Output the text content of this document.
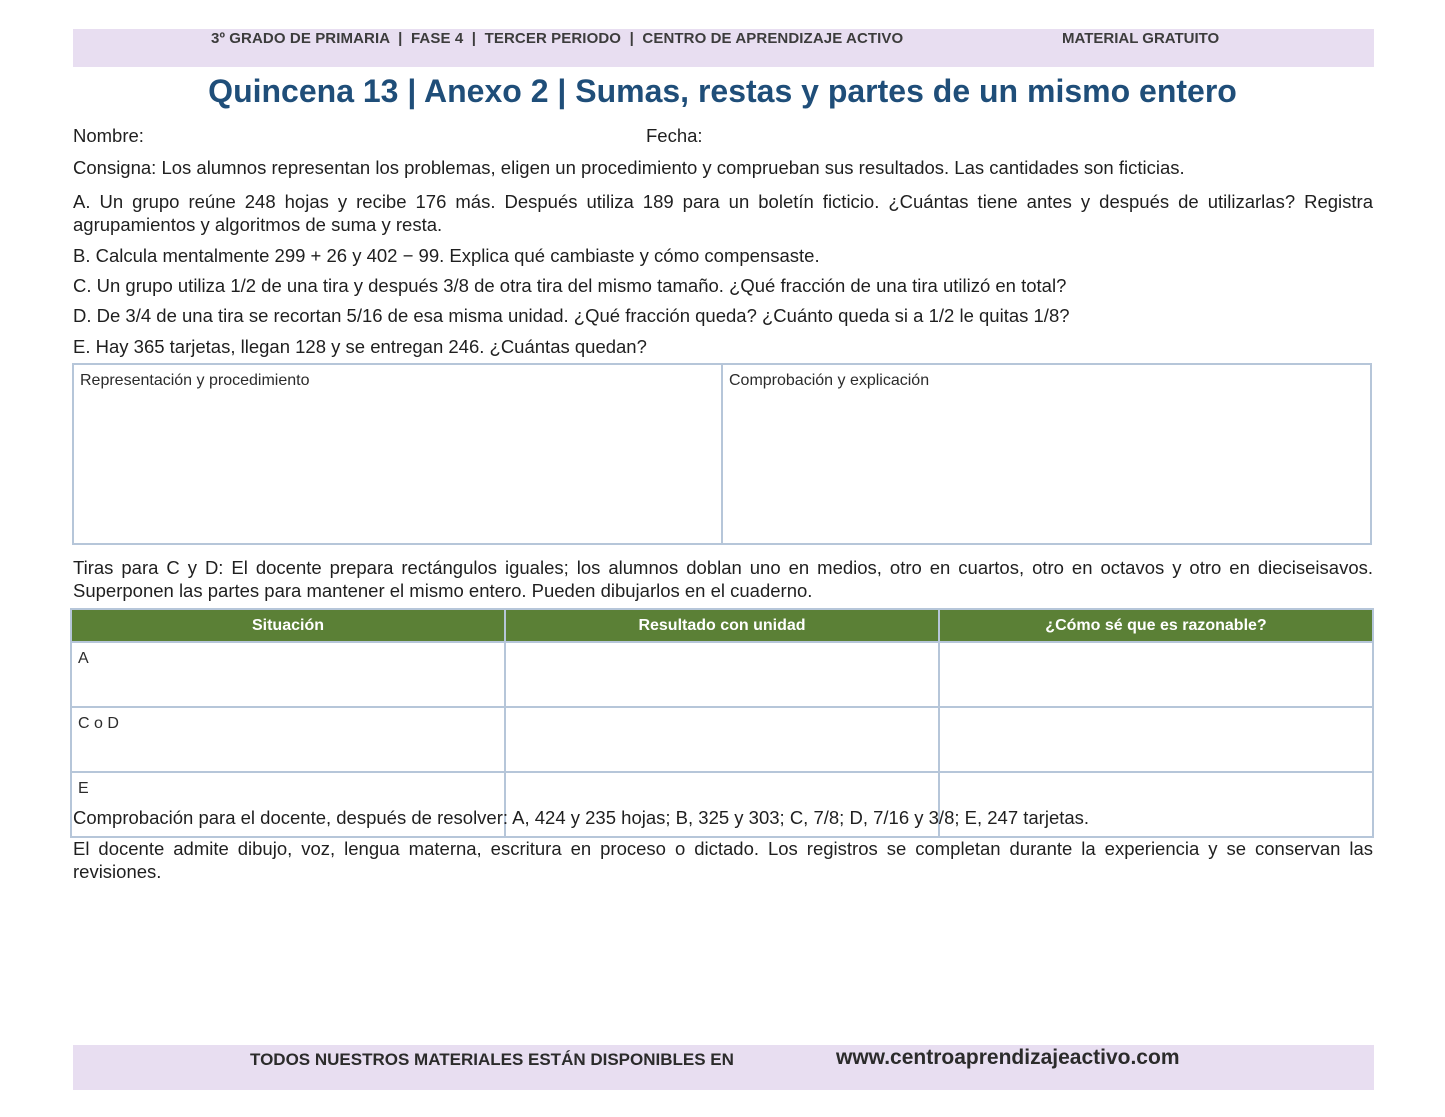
3º GRADO DE PRIMARIA  |  FASE 4  |  TERCER PERIODO  |  CENTRO DE APRENDIZAJE ACTIVO	MATERIAL GRATUITO
Quincena 13 | Anexo 2 | Sumas, restas y partes de un mismo entero
Nombre:	Fecha:
Consigna: Los alumnos representan los problemas, eligen un procedimiento y comprueban sus resultados. Las cantidades son ficticias.
A. Un grupo reúne 248 hojas y recibe 176 más. Después utiliza 189 para un boletín ficticio. ¿Cuántas tiene antes y después de utilizarlas? Registra agrupamientos y algoritmos de suma y resta.
B. Calcula mentalmente 299 + 26 y 402 − 99. Explica qué cambiaste y cómo compensaste.
C. Un grupo utiliza 1/2 de una tira y después 3/8 de otra tira del mismo tamaño. ¿Qué fracción de una tira utilizó en total?
D. De 3/4 de una tira se recortan 5/16 de esa misma unidad. ¿Qué fracción queda? ¿Cuánto queda si a 1/2 le quitas 1/8?
E. Hay 365 tarjetas, llegan 128 y se entregan 246. ¿Cuántas quedan?
Representación y procedimiento	Comprobación y explicación
Tiras para C y D: El docente prepara rectángulos iguales; los alumnos doblan uno en medios, otro en cuartos, otro en octavos y otro en dieciseisavos. Superponen las partes para mantener el mismo entero. Pueden dibujarlos en el cuaderno.
Situación	Resultado con unidad	¿Cómo sé que es razonable?
A		
C o D		
E		
Comprobación para el docente, después de resolver: A, 424 y 235 hojas; B, 325 y 303; C, 7/8; D, 7/16 y 3/8; E, 247 tarjetas.
El docente admite dibujo, voz, lengua materna, escritura en proceso o dictado. Los registros se completan durante la experiencia y se conservan las revisiones.
TODOS NUESTROS MATERIALES ESTÁN DISPONIBLES EN	www.centroaprendizajeactivo.com
